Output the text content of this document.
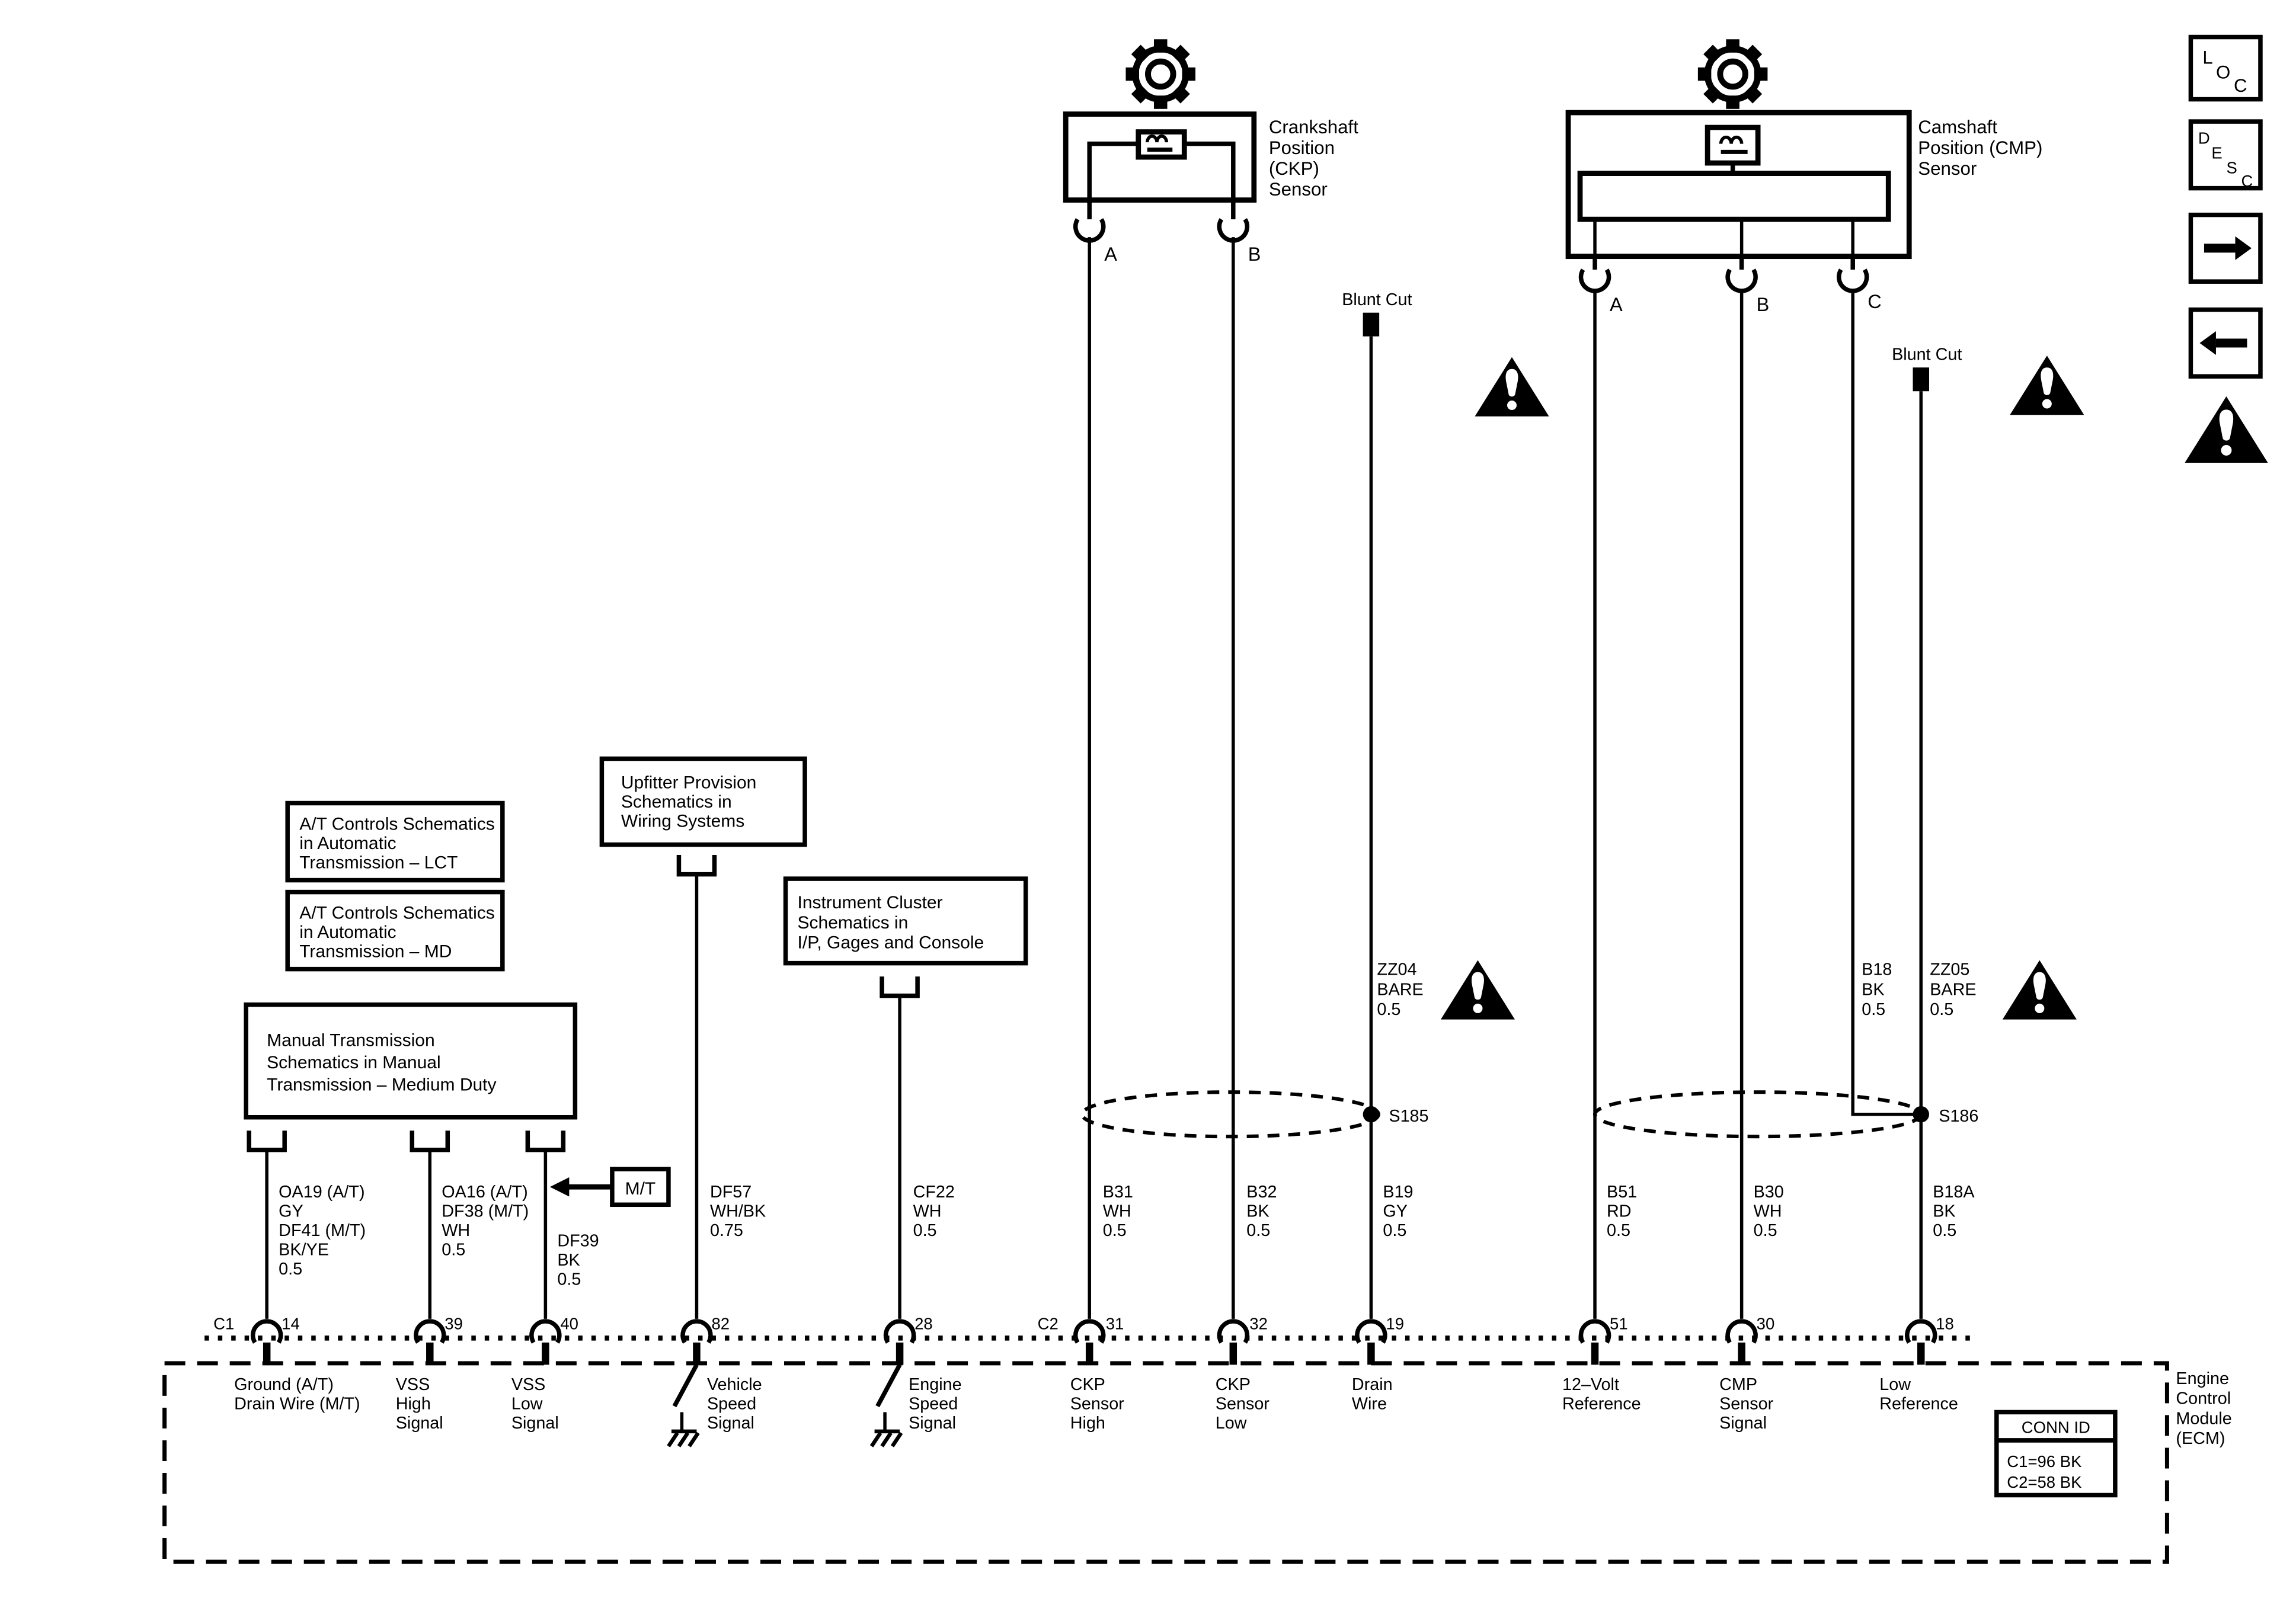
L
O
C
D
E
S
C
A	B
Crankshaft
Position
(CKP)
Sensor
A	B	C
Camshaft
Position (CMP)
Sensor
Blunt Cut
Blunt Cut
S185	S186
ZZ04
BARE
0.5
B18
BK
0.5
ZZ05
BARE
0.5
A/T Controls Schematics
in Automatic
Transmission – LCT
A/T Controls Schematics
in Automatic
Transmission – MD
Manual Transmission
Schematics in Manual
Transmission – Medium Duty
Upfitter Provision
Schematics in
Wiring Systems
Instrument Cluster
Schematics in
I/P, Gages and Console
M/T
OA19 (A/T)
GY
DF41 (M/T)
BK/YE
0.5
OA16 (A/T)
DF38 (M/T)
WH
0.5	DF39
BK
0.5
DF57
WH/BK
0.75
CF22
WH
0.5
B31
WH
0.5
B32
BK
0.5
B19
GY
0.5
B51
RD
0.5
B30
WH
0.5
B18A
BK
0.5
C1	C2
14	39	40	82	28	31	32	19	51	30	18
Ground (A/T)
Drain Wire (M/T)
VSS
High
Signal
VSS
Low
Signal
Vehicle
Speed
Signal
Engine
Speed
Signal
CKP
Sensor
High
CKP
Sensor
Low
Drain
Wire
12–Volt
Reference
CMP
Sensor
Signal
Low
Reference
CONN ID
C1=96 BK
C2=58 BK
Engine
Control
Module
(ECM)
